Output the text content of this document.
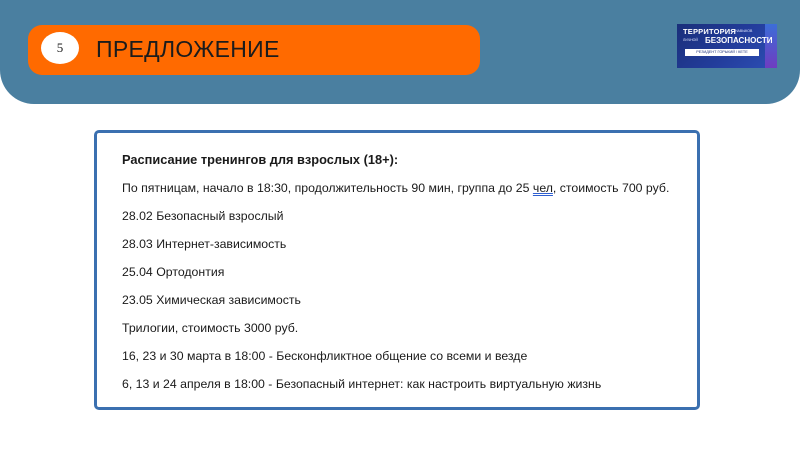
5	ПРЕДЛОЖЕНИЕ
ТЕРРИТОРИЯ НАВЫКОВ
ЛИЧНОЙ БЕЗОПАСНОСТИ
РЕЗИДЕНТ ГОРЬКИЙ / КЕТЕ
Расписание тренингов для взрослых (18+):
По пятницам, начало в 18:30, продолжительность 90 мин, группа до 25 чел, стоимость 700 руб.
28.02 Безопасный взрослый
28.03 Интернет-зависимость
25.04 Ортодонтия
23.05 Химическая зависимость
Трилогии, стоимость 3000 руб.
16, 23 и 30 марта в 18:00 - Бесконфликтное общение со всеми и везде
6, 13 и 24 апреля в 18:00 - Безопасный интернет: как настроить виртуальную жизнь
